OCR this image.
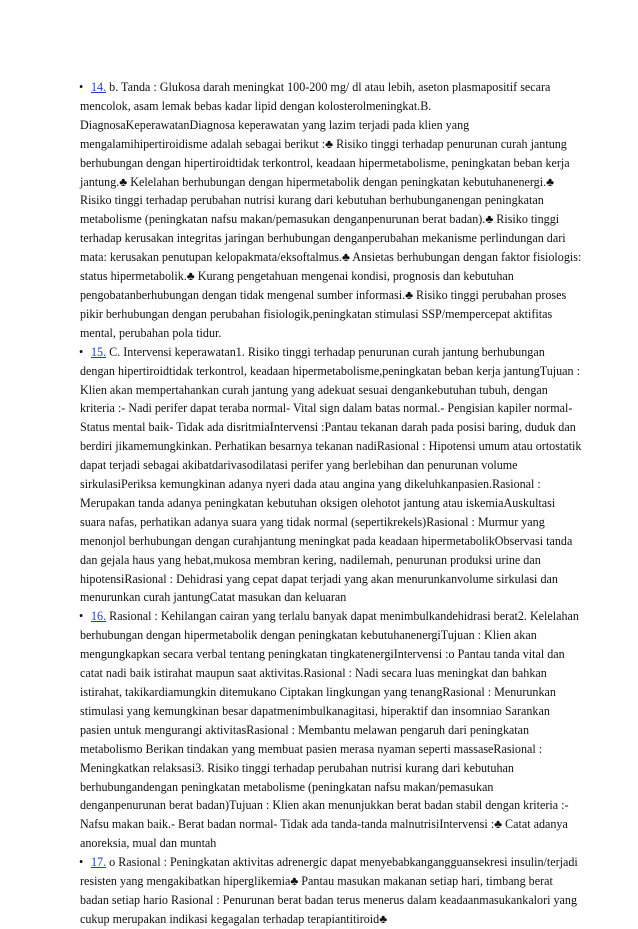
• 14. b. Tanda : Glukosa darah meningkat 100-200 mg/ dl atau lebih, aseton plasmapositif secara mencolok, asam lemak bebas kadar lipid dengan kolosterolmeningkat.B. DiagnosaKeperawatanDiagnosa keperawatan yang lazim terjadi pada klien yang mengalamihipertiroidisme adalah sebagai berikut :♣ Risiko tinggi terhadap penurunan curah jantung berhubungan dengan hipertiroidtidak terkontrol, keadaan hipermetabolisme, peningkatan beban kerja jantung.♣ Kelelahan berhubungan dengan hipermetabolik dengan peningkatan kebutuhanenergi.♣ Risiko tinggi terhadap perubahan nutrisi kurang dari kebutuhan berhubunganengan peningkatan metabolisme (peningkatan nafsu makan/pemasukan denganpenurunan berat badan).♣ Risiko tinggi terhadap kerusakan integritas jaringan berhubungan denganperubahan mekanisme perlindungan dari mata: kerusakan penutupan kelopakmata/eksoftalmus.♣ Ansietas berhubungan dengan faktor fisiologis: status hipermetabolik.♣ Kurang pengetahuan mengenai kondisi, prognosis dan kebutuhan pengobatanberhubungan dengan tidak mengenal sumber informasi.♣ Risiko tinggi perubahan proses pikir berhubungan dengan perubahan fisiologik,peningkatan stimulasi SSP/mempercepat aktifitas mental, perubahan pola tidur.

• 15. C. Intervensi keperawatan1. Risiko tinggi terhadap penurunan curah jantung berhubungan dengan hipertiroidtidak terkontrol, keadaan hipermetabolisme,peningkatan beban kerja jantungTujuan : Klien akan mempertahankan curah jantung yang adekuat sesuai dengankebutuhan tubuh, dengan kriteria :- Nadi perifer dapat teraba normal- Vital sign dalam batas normal.- Pengisian kapiler normal- Status mental baik- Tidak ada disritmiaIntervensi :Pantau tekanan darah pada posisi baring, duduk dan berdiri jikamemungkinkan. Perhatikan besarnya tekanan nadiRasional : Hipotensi umum atau ortostatik dapat terjadi sebagai akibatdarivasodilatasi perifer yang berlebihan dan penurunan volume sirkulasiPeriksa kemungkinan adanya nyeri dada atau angina yang dikeluhkanpasien.Rasional : Merupakan tanda adanya peningkatan kebutuhan oksigen olehotot jantung atau iskemiaAuskultasi suara nafas, perhatikan adanya suara yang tidak normal (sepertikrekels)Rasional : Murmur yang menonjol berhubungan dengan curahjantung meningkat pada keadaan hipermetabolikObservasi tanda dan gejala haus yang hebat,mukosa membran kering, nadilemah, penurunan produksi urine dan hipotensiRasional : Dehidrasi yang cepat dapat terjadi yang akan menurunkanvolume sirkulasi dan menurunkan curah jantungCatat masukan dan keluaran

• 16. Rasional : Kehilangan cairan yang terlalu banyak dapat menimbulkandehidrasi berat2. Kelelahan berhubungan dengan hipermetabolik dengan peningkatan kebutuhanenergiTujuan : Klien akan mengungkapkan secara verbal tentang peningkatan tingkatenergiIntervensi :o Pantau tanda vital dan catat nadi baik istirahat maupun saat aktivitas.Rasional : Nadi secara luas meningkat dan bahkan istirahat, takikardiamungkin ditemukano Ciptakan lingkungan yang tenangRasional : Menurunkan stimulasi yang kemungkinan besar dapatmenimbulkanagitasi, hiperaktif dan insomniao Sarankan pasien untuk mengurangi aktivitasRasional : Membantu melawan pengaruh dari peningkatan metabolismo Berikan tindakan yang membuat pasien merasa nyaman seperti massaseRasional : Meningkatkan relaksasi3. Risiko tinggi terhadap perubahan nutrisi kurang dari kebutuhan berhubungandengan peningkatan metabolisme (peningkatan nafsu makan/pemasukan denganpenurunan berat badan)Tujuan : Klien akan menunjukkan berat badan stabil dengan kriteria :- Nafsu makan baik.- Berat badan normal- Tidak ada tanda-tanda malnutrisiIntervensi :♣ Catat adanya anoreksia, mual dan muntah

• 17. o Rasional : Peningkatan aktivitas adrenergic dapat menyebabkangangguansekresi insulin/terjadi resisten yang mengakibatkan hiperglikemia♣ Pantau masukan makanan setiap hari, timbang berat badan setiap hario Rasional : Penurunan berat badan terus menerus dalam keadaanmasukankalori yang cukup merupakan indikasi kegagalan terhadap terapiantitiroid♣
